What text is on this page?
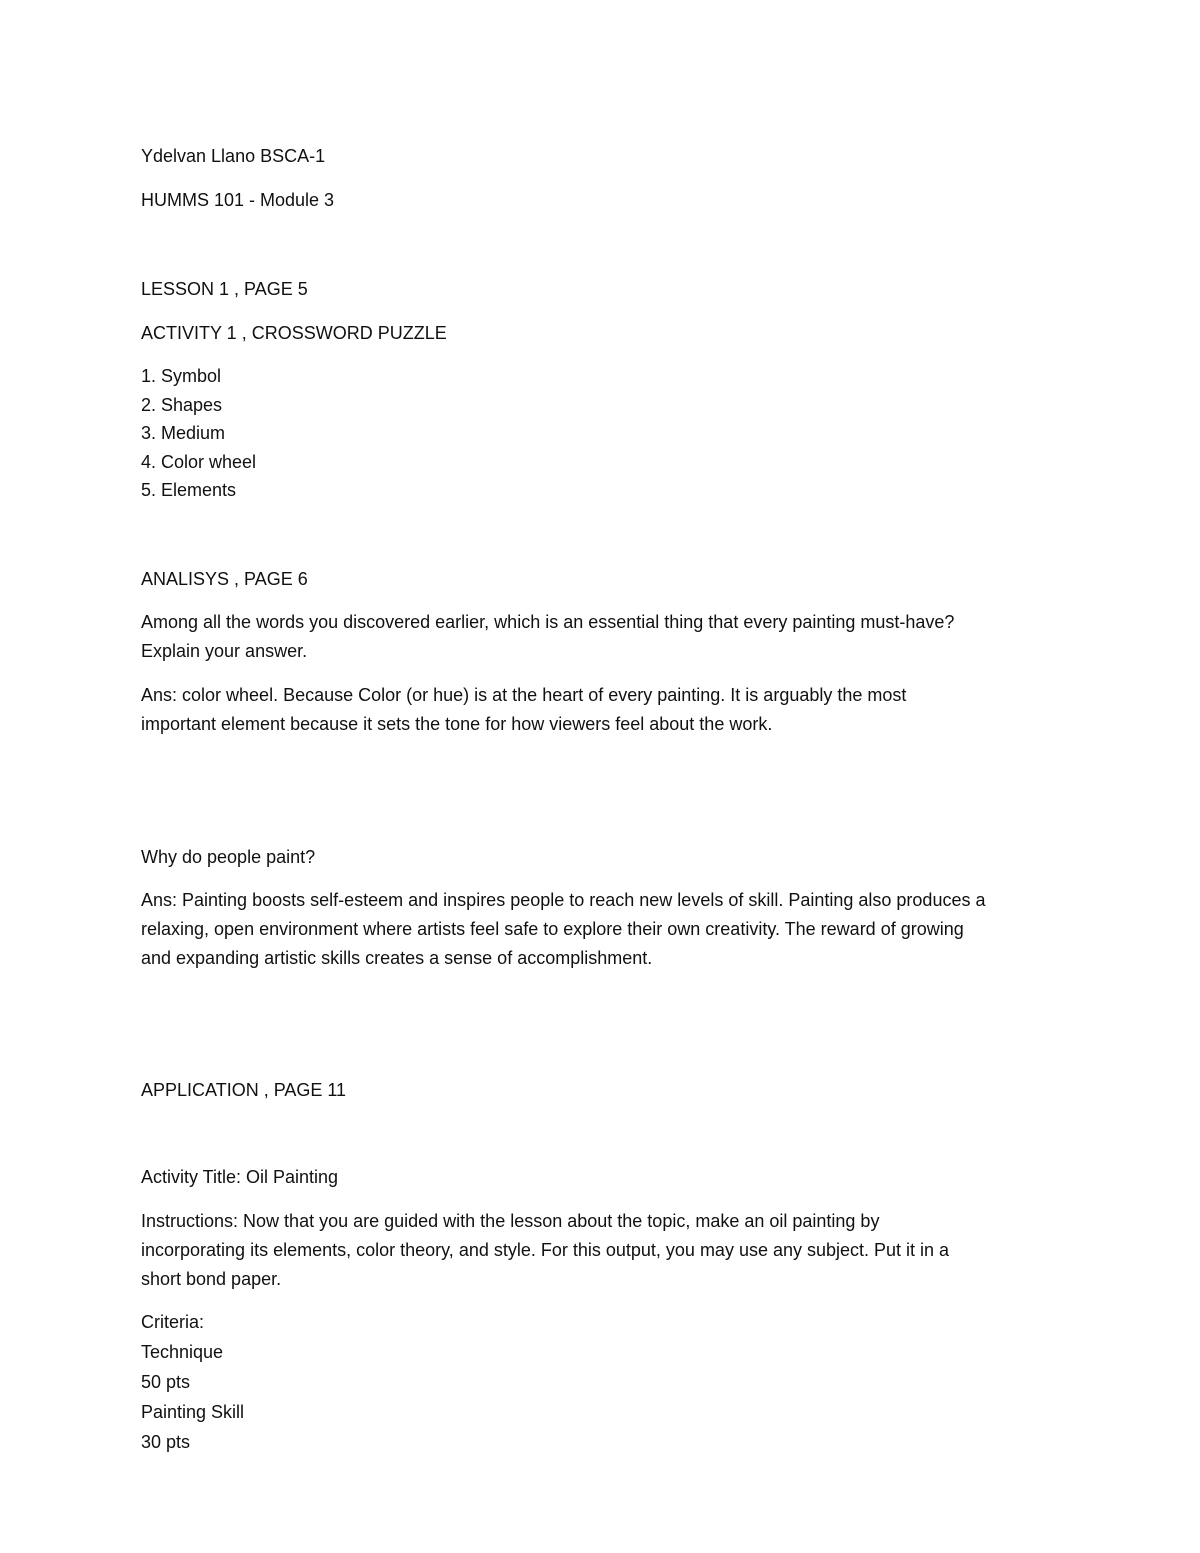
Ydelvan Llano BSCA-1
HUMMS 101 - Module 3
LESSON 1 , PAGE 5
ACTIVITY 1 , CROSSWORD PUZZLE
1. Symbol
2. Shapes
3. Medium
4. Color wheel
5. Elements
ANALISYS , PAGE 6
Among all the words you discovered earlier, which is an essential thing that every painting must-have?
Explain your answer.
Ans: color wheel. Because Color (or hue) is at the heart of every painting. It is arguably the most
important element because it sets the tone for how viewers feel about the work.
Why do people paint?
Ans: Painting boosts self-esteem and inspires people to reach new levels of skill. Painting also produces a
relaxing, open environment where artists feel safe to explore their own creativity. The reward of growing
and expanding artistic skills creates a sense of accomplishment.
APPLICATION , PAGE 11
Activity Title: Oil Painting
Instructions: Now that you are guided with the lesson about the topic, make an oil painting by
incorporating its elements, color theory, and style. For this output, you may use any subject. Put it in a
short bond paper.
Criteria:
Technique
50 pts
Painting Skill
30 pts
